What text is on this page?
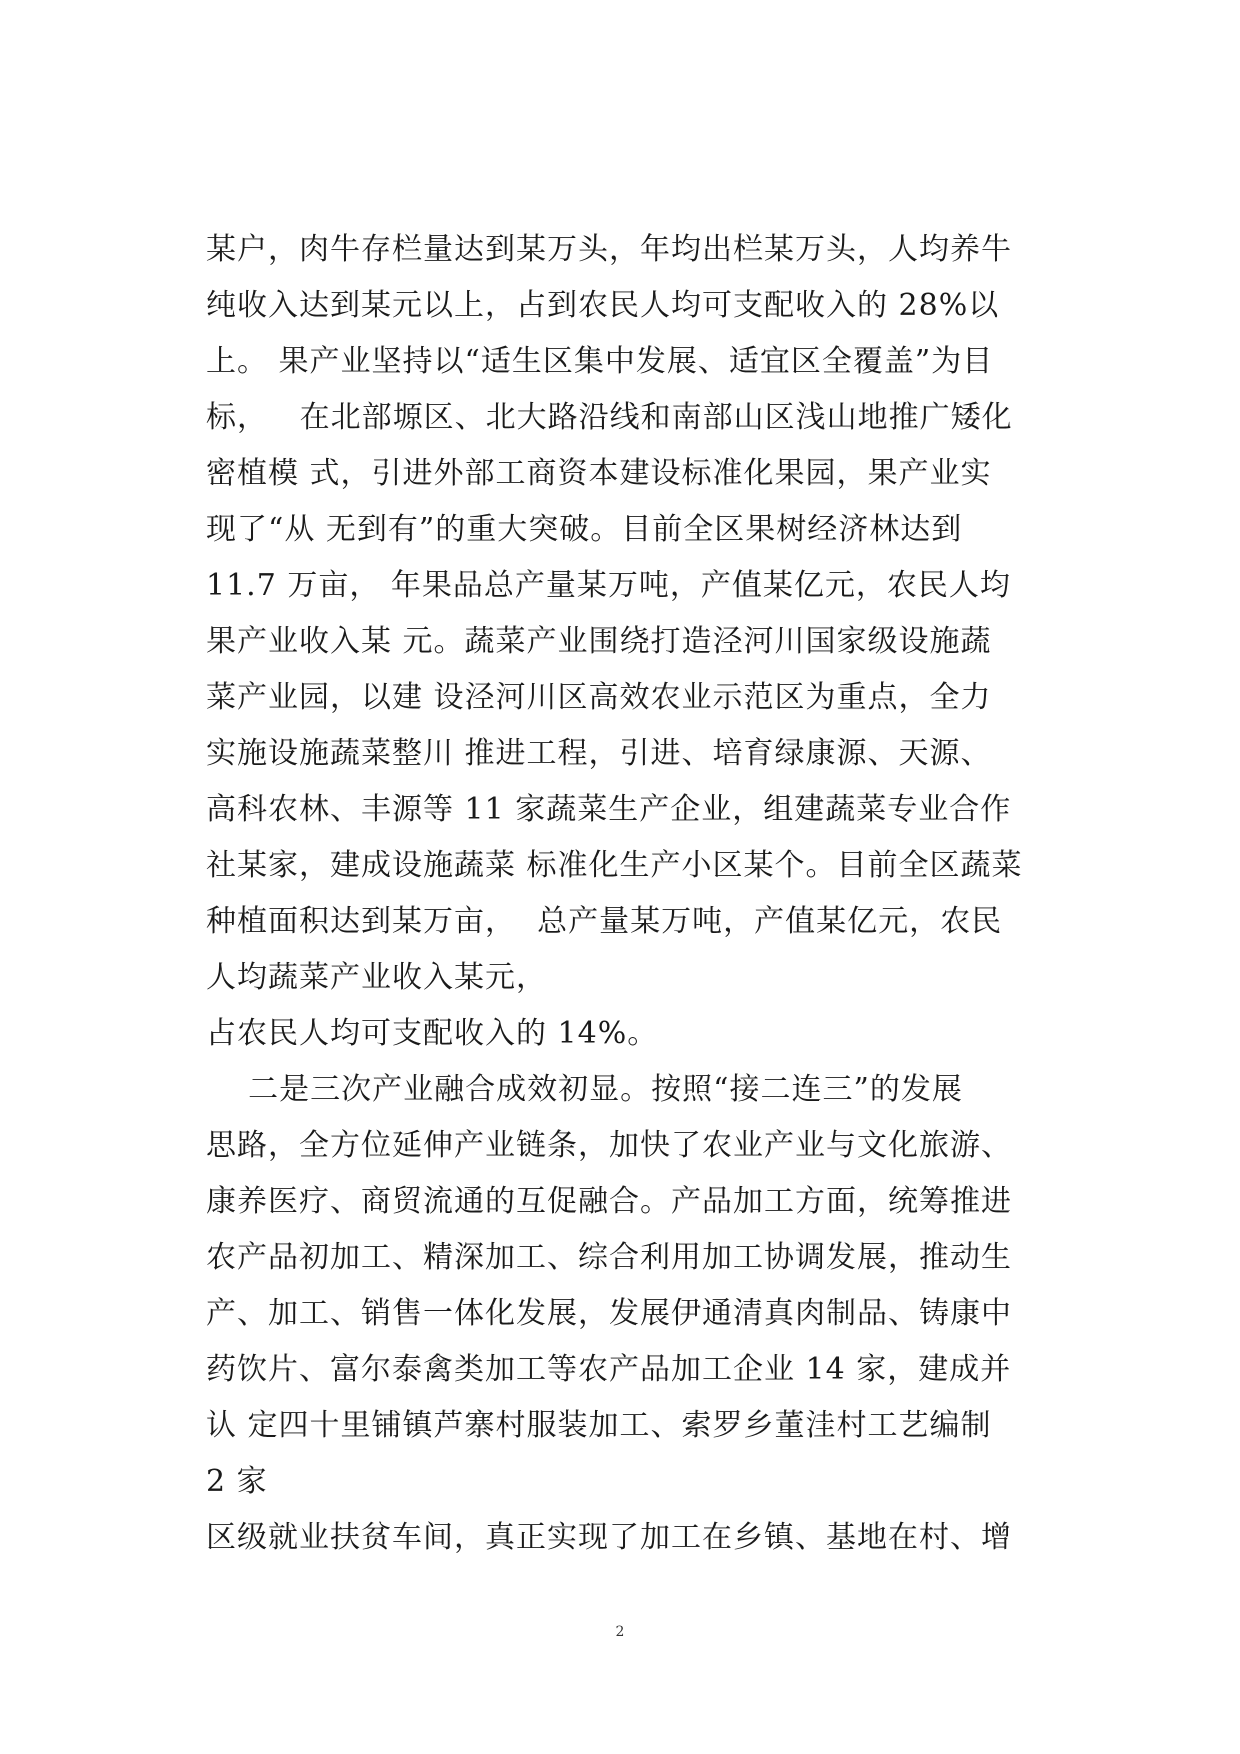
某户，肉牛存栏量达到某万头，年均出栏某万头，人均养牛
纯收入达到某元以上，占到农民人均可支配收入的 28%以
上。 果产业坚持以“适生区集中发展、适宜区全覆盖”为目
标，   在北部塬区、北大路沿线和南部山区浅山地推广矮化
密植模 式，引进外部工商资本建设标准化果园，果产业实
现了“从 无到有”的重大突破。目前全区果树经济林达到
11.7 万亩， 年果品总产量某万吨，产值某亿元，农民人均
果产业收入某 元。蔬菜产业围绕打造泾河川国家级设施蔬
菜产业园，以建 设泾河川区高效农业示范区为重点，全力
实施设施蔬菜整川 推进工程，引进、培育绿康源、天源、
高科农林、丰源等 11 家蔬菜生产企业，组建蔬菜专业合作
社某家，建成设施蔬菜 标准化生产小区某个。目前全区蔬菜
种植面积达到某万亩，  总产量某万吨，产值某亿元，农民
人均蔬菜产业收入某元，
占农民人均可支配收入的 14%。
二是三次产业融合成效初显。按照“接二连三”的发展
思路，全方位延伸产业链条，加快了农业产业与文化旅游、
康养医疗、商贸流通的互促融合。产品加工方面，统筹推进
农产品初加工、精深加工、综合利用加工协调发展，推动生
产、加工、销售一体化发展，发展伊通清真肉制品、铸康中
药饮片、富尔泰禽类加工等农产品加工企业 14 家，建成并
认 定四十里铺镇芦寨村服装加工、索罗乡董洼村工艺编制
2 家
区级就业扶贫车间，真正实现了加工在乡镇、基地在村、增
2
